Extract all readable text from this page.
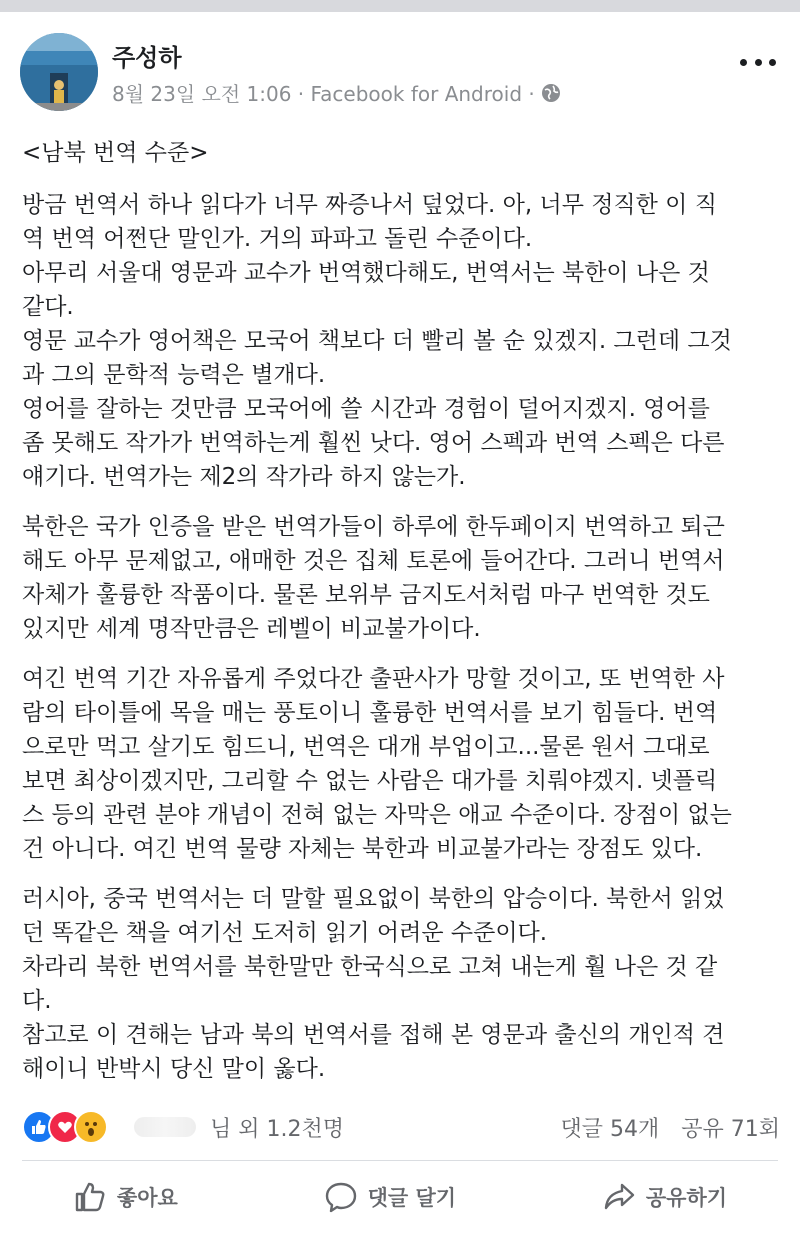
주성하
8월 23일 오전 1:06 · Facebook for Android ·

<남북 번역 수준>

방금 번역서 하나 읽다가 너무 짜증나서 덮었다. 아, 너무 정직한 이 직
역 번역 어쩐단 말인가. 거의 파파고 돌린 수준이다.
아무리 서울대 영문과 교수가 번역했다해도, 번역서는 북한이 나은 것
같다.
영문 교수가 영어책은 모국어 책보다 더 빨리 볼 순 있겠지. 그런데 그것
과 그의 문학적 능력은 별개다.
영어를 잘하는 것만큼 모국어에 쓸 시간과 경험이 덜어지겠지. 영어를
좀 못해도 작가가 번역하는게 훨씬 낫다. 영어 스펙과 번역 스펙은 다른
얘기다. 번역가는 제2의 작가라 하지 않는가.

북한은 국가 인증을 받은 번역가들이 하루에 한두페이지 번역하고 퇴근
해도 아무 문제없고, 애매한 것은 집체 토론에 들어간다. 그러니 번역서
자체가 훌륭한 작품이다. 물론 보위부 금지도서처럼 마구 번역한 것도
있지만 세계 명작만큼은 레벨이 비교불가이다.

여긴 번역 기간 자유롭게 주었다간 출판사가 망할 것이고, 또 번역한 사
람의 타이틀에 목을 매는 풍토이니 훌륭한 번역서를 보기 힘들다. 번역
으로만 먹고 살기도 힘드니, 번역은 대개 부업이고...물론 원서 그대로
보면 최상이겠지만, 그리할 수 없는 사람은 대가를 치뤄야겠지. 넷플릭
스 등의 관련 분야 개념이 전혀 없는 자막은 애교 수준이다. 장점이 없는
건 아니다. 여긴 번역 물량 자체는 북한과 비교불가라는 장점도 있다.

러시아, 중국 번역서는 더 말할 필요없이 북한의 압승이다. 북한서 읽었
던 똑같은 책을 여기선 도저히 읽기 어려운 수준이다.
차라리 북한 번역서를 북한말만 한국식으로 고쳐 내는게 훨 나은 것 같
다.
참고로 이 견해는 남과 북의 번역서를 접해 본 영문과 출신의 개인적 견
해이니 반박시 당신 말이 옳다.

님 외 1.2천명	댓글 54개 공유 71회
좋아요	댓글 달기	공유하기
